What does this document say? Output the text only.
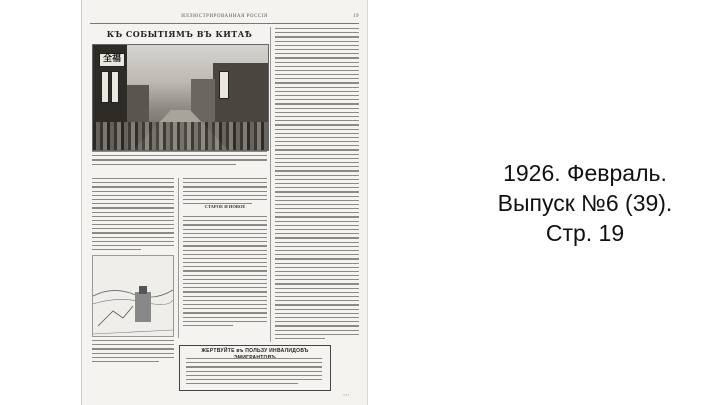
ИЛЛЮСТРИРОВАННАЯ РОССIЯ	19
КЪ СОБЫТIЯМЪ ВЪ КИТАѢ
全福
СТАРОЕ И НОВОЕ
ЖЕРТВУЙТЕ въ ПОЛЬЗУ ИНВАЛИДОВЪ
▪ ▪ ▪
1926. Февраль.
Выпуск №6 (39).
Стр. 19
